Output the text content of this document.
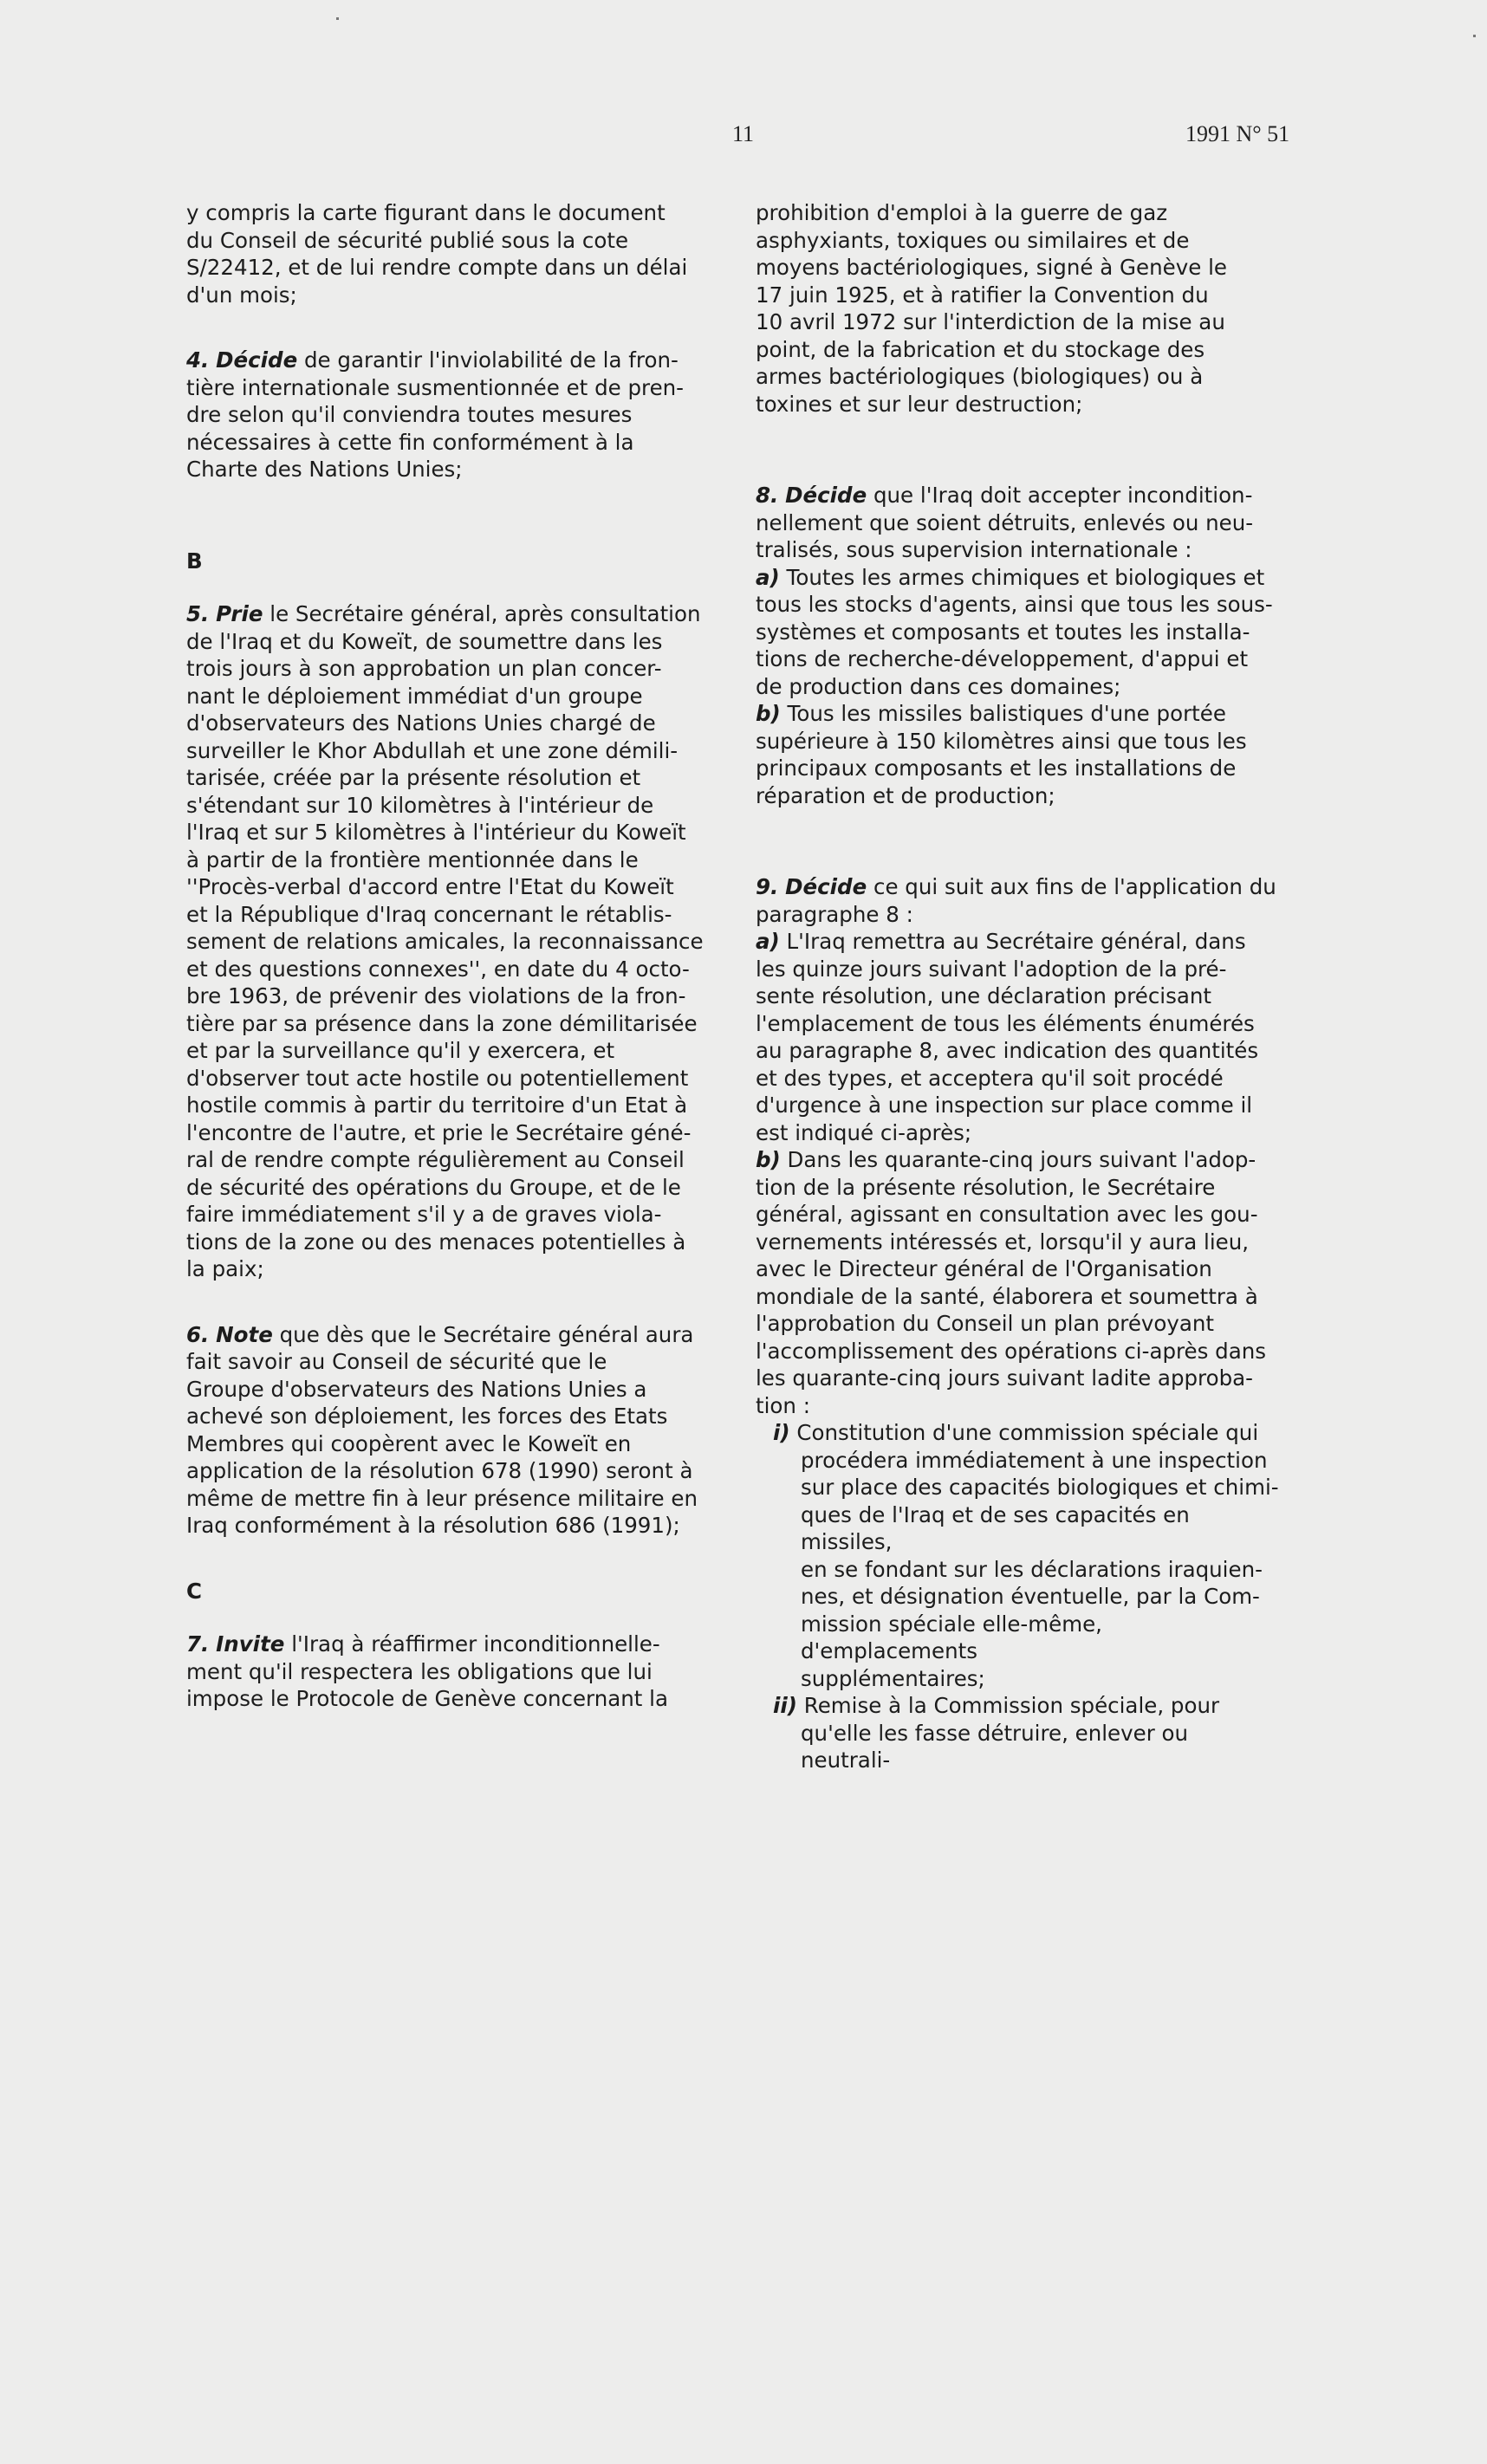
11	1991 N° 51

y compris la carte figurant dans le document
du Conseil de sécurité publié sous la cote
S/22412, et de lui rendre compte dans un délai
d'un mois;

4. Décide de garantir l'inviolabilité de la fron-
tière internationale susmentionnée et de pren-
dre selon qu'il conviendra toutes mesures
nécessaires à cette fin conformément à la
Charte des Nations Unies;

B

5. Prie le Secrétaire général, après consultation
de l'Iraq et du Koweït, de soumettre dans les
trois jours à son approbation un plan concer-
nant le déploiement immédiat d'un groupe
d'observateurs des Nations Unies chargé de
surveiller le Khor Abdullah et une zone démili-
tarisée, créée par la présente résolution et
s'étendant sur 10 kilomètres à l'intérieur de
l'Iraq et sur 5 kilomètres à l'intérieur du Koweït
à partir de la frontière mentionnée dans le
''Procès-verbal d'accord entre l'Etat du Koweït
et la République d'Iraq concernant le rétablis-
sement de relations amicales, la reconnaissance
et des questions connexes'', en date du 4 octo-
bre 1963, de prévenir des violations de la fron-
tière par sa présence dans la zone démilitarisée
et par la surveillance qu'il y exercera, et
d'observer tout acte hostile ou potentiellement
hostile commis à partir du territoire d'un Etat à
l'encontre de l'autre, et prie le Secrétaire géné-
ral de rendre compte régulièrement au Conseil
de sécurité des opérations du Groupe, et de le
faire immédiatement s'il y a de graves viola-
tions de la zone ou des menaces potentielles à
la paix;

6. Note que dès que le Secrétaire général aura
fait savoir au Conseil de sécurité que le
Groupe d'observateurs des Nations Unies a
achevé son déploiement, les forces des Etats
Membres qui coopèrent avec le Koweït en
application de la résolution 678 (1990) seront à
même de mettre fin à leur présence militaire en
Iraq conformément à la résolution 686 (1991);

C

7. Invite l'Iraq à réaffirmer inconditionnelle-
ment qu'il respectera les obligations que lui
impose le Protocole de Genève concernant la

prohibition d'emploi à la guerre de gaz
asphyxiants, toxiques ou similaires et de
moyens bactériologiques, signé à Genève le
17 juin 1925, et à ratifier la Convention du
10 avril 1972 sur l'interdiction de la mise au
point, de la fabrication et du stockage des
armes bactériologiques (biologiques) ou à
toxines et sur leur destruction;

8. Décide que l'Iraq doit accepter incondition-
nellement que soient détruits, enlevés ou neu-
tralisés, sous supervision internationale :

a) Toutes les armes chimiques et biologiques et
tous les stocks d'agents, ainsi que tous les sous-
systèmes et composants et toutes les installa-
tions de recherche-développement, d'appui et
de production dans ces domaines;

b) Tous les missiles balistiques d'une portée
supérieure à 150 kilomètres ainsi que tous les
principaux composants et les installations de
réparation et de production;

9. Décide ce qui suit aux fins de l'application du
paragraphe 8 :

a) L'Iraq remettra au Secrétaire général, dans
les quinze jours suivant l'adoption de la pré-
sente résolution, une déclaration précisant
l'emplacement de tous les éléments énumérés
au paragraphe 8, avec indication des quantités
et des types, et acceptera qu'il soit procédé
d'urgence à une inspection sur place comme il
est indiqué ci-après;

b) Dans les quarante-cinq jours suivant l'adop-
tion de la présente résolution, le Secrétaire
général, agissant en consultation avec les gou-
vernements intéressés et, lorsqu'il y aura lieu,
avec le Directeur général de l'Organisation
mondiale de la santé, élaborera et soumettra à
l'approbation du Conseil un plan prévoyant
l'accomplissement des opérations ci-après dans
les quarante-cinq jours suivant ladite approba-
tion :

i) Constitution d'une commission spéciale qui

procédera immédiatement à une inspection
sur place des capacités biologiques et chimi-
ques de l'Iraq et de ses capacités en missiles,
en se fondant sur les déclarations iraquien-
nes, et désignation éventuelle, par la Com-
mission spéciale elle-même, d'emplacements
supplémentaires;

ii) Remise à la Commission spéciale, pour

qu'elle les fasse détruire, enlever ou neutrali-
